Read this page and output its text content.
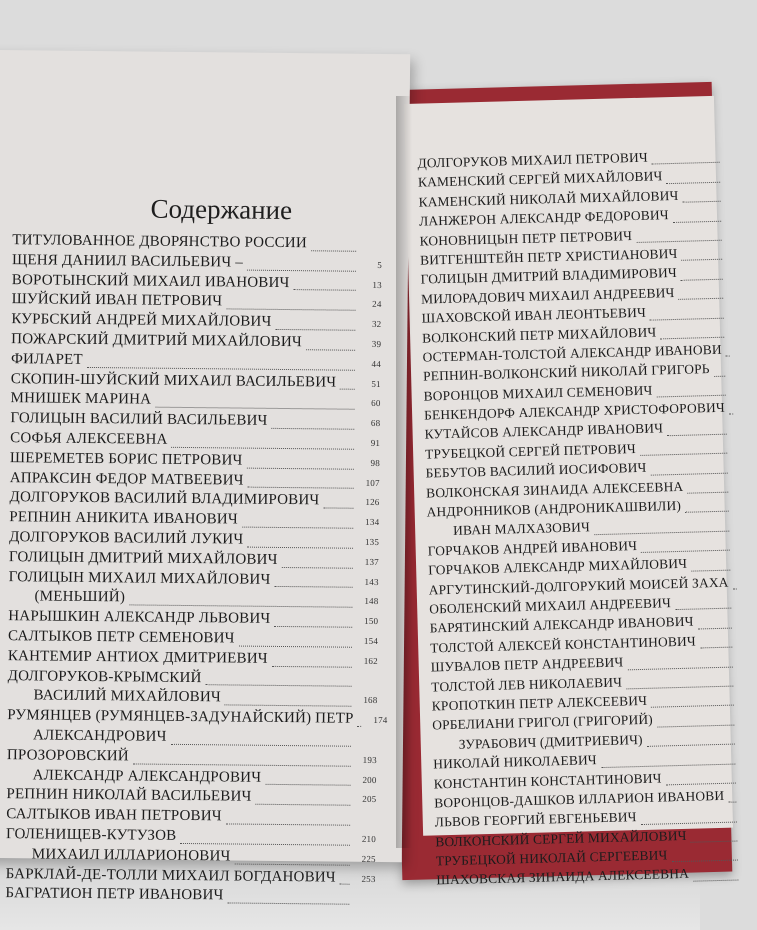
Содержание
ТИТУЛОВАННОЕ ДВОРЯНСТВО РОССИИ
ЩЕНЯ ДАНИИЛ ВАСИЛЬЕВИЧ –	5
ВОРОТЫНСКИЙ МИХАИЛ ИВАНОВИЧ	13
ШУЙСКИЙ ИВАН ПЕТРОВИЧ	24
КУРБСКИЙ АНДРЕЙ МИХАЙЛОВИЧ	32
ПОЖАРСКИЙ ДМИТРИЙ МИХАЙЛОВИЧ	39
ФИЛАРЕТ	44
СКОПИН-ШУЙСКИЙ МИХАИЛ ВАСИЛЬЕВИЧ	51
МНИШЕК МАРИНА	60
ГОЛИЦЫН ВАСИЛИЙ ВАСИЛЬЕВИЧ	68
СОФЬЯ АЛЕКСЕЕВНА	91
ШЕРЕМЕТЕВ БОРИС ПЕТРОВИЧ	98
АПРАКСИН ФЕДОР МАТВЕЕВИЧ	107
ДОЛГОРУКОВ ВАСИЛИЙ ВЛАДИМИРОВИЧ	126
РЕПНИН АНИКИТА ИВАНОВИЧ	134
ДОЛГОРУКОВ ВАСИЛИЙ ЛУКИЧ	135
ГОЛИЦЫН ДМИТРИЙ МИХАЙЛОВИЧ	137
ГОЛИЦЫН МИХАИЛ МИХАЙЛОВИЧ	143
(МЕНЬШИЙ)	148
НАРЫШКИН АЛЕКСАНДР ЛЬВОВИЧ	150
САЛТЫКОВ ПЕТР СЕМЕНОВИЧ	154
КАНТЕМИР АНТИОХ ДМИТРИЕВИЧ	162
ДОЛГОРУКОВ-КРЫМСКИЙ
ВАСИЛИЙ МИХАЙЛОВИЧ	168
РУМЯНЦЕВ (РУМЯНЦЕВ-ЗАДУНАЙСКИЙ) ПЕТР	174
АЛЕКСАНДРОВИЧ
ПРОЗОРОВСКИЙ	193
АЛЕКСАНДР АЛЕКСАНДРОВИЧ	200
РЕПНИН НИКОЛАЙ ВАСИЛЬЕВИЧ	205
САЛТЫКОВ ИВАН ПЕТРОВИЧ
ГОЛЕНИЩЕВ-КУТУЗОВ	210
МИХАИЛ ИЛЛАРИОНОВИЧ	225
БАРКЛАЙ-ДЕ-ТОЛЛИ МИХАИЛ БОГДАНОВИЧ	253
БАГРАТИОН ПЕТР ИВАНОВИЧ
ДОЛГОРУКОВ МИХАИЛ ПЕТРОВИЧ
КАМЕНСКИЙ СЕРГЕЙ МИХАЙЛОВИЧ
КАМЕНСКИЙ НИКОЛАЙ МИХАЙЛОВИЧ
ЛАНЖЕРОН АЛЕКСАНДР ФЕДОРОВИЧ
КОНОВНИЦЫН ПЕТР ПЕТРОВИЧ
ВИТГЕНШТЕЙН ПЕТР ХРИСТИАНОВИЧ
ГОЛИЦЫН ДМИТРИЙ ВЛАДИМИРОВИЧ
МИЛОРАДОВИЧ МИХАИЛ АНДРЕЕВИЧ
ШАХОВСКОЙ ИВАН ЛЕОНТЬЕВИЧ
ВОЛКОНСКИЙ ПЕТР МИХАЙЛОВИЧ
ОСТЕРМАН-ТОЛСТОЙ АЛЕКСАНДР ИВАНОВИ
РЕПНИН-ВОЛКОНСКИЙ НИКОЛАЙ ГРИГОРЬ
ВОРОНЦОВ МИХАИЛ СЕМЕНОВИЧ
БЕНКЕНДОРФ АЛЕКСАНДР ХРИСТОФОРОВИЧ
КУТАЙСОВ АЛЕКСАНДР ИВАНОВИЧ
ТРУБЕЦКОЙ СЕРГЕЙ ПЕТРОВИЧ
БЕБУТОВ ВАСИЛИЙ ИОСИФОВИЧ
ВОЛКОНСКАЯ ЗИНАИДА АЛЕКСЕЕВНА
АНДРОННИКОВ (АНДРОНИКАШВИЛИ)
ИВАН МАЛХАЗОВИЧ
ГОРЧАКОВ АНДРЕЙ ИВАНОВИЧ
ГОРЧАКОВ АЛЕКСАНДР МИХАЙЛОВИЧ
АРГУТИНСКИЙ-ДОЛГОРУКИЙ МОИСЕЙ ЗАХА
ОБОЛЕНСКИЙ МИХАИЛ АНДРЕЕВИЧ
БАРЯТИНСКИЙ АЛЕКСАНДР ИВАНОВИЧ
ТОЛСТОЙ АЛЕКСЕЙ КОНСТАНТИНОВИЧ
ШУВАЛОВ ПЕТР АНДРЕЕВИЧ
ТОЛСТОЙ ЛЕВ НИКОЛАЕВИЧ
КРОПОТКИН ПЕТР АЛЕКСЕЕВИЧ
ОРБЕЛИАНИ ГРИГОЛ (ГРИГОРИЙ)
ЗУРАБОВИЧ (ДМИТРИЕВИЧ)
НИКОЛАЙ НИКОЛАЕВИЧ
КОНСТАНТИН КОНСТАНТИНОВИЧ
ВОРОНЦОВ-ДАШКОВ ИЛЛАРИОН ИВАНОВИ
ЛЬВОВ ГЕОРГИЙ ЕВГЕНЬЕВИЧ
ВОЛКОНСКИЙ СЕРГЕЙ МИХАЙЛОВИЧ
ТРУБЕЦКОЙ НИКОЛАЙ СЕРГЕЕВИЧ
ШАХОВСКАЯ ЗИНАИДА АЛЕКСЕЕВНА
